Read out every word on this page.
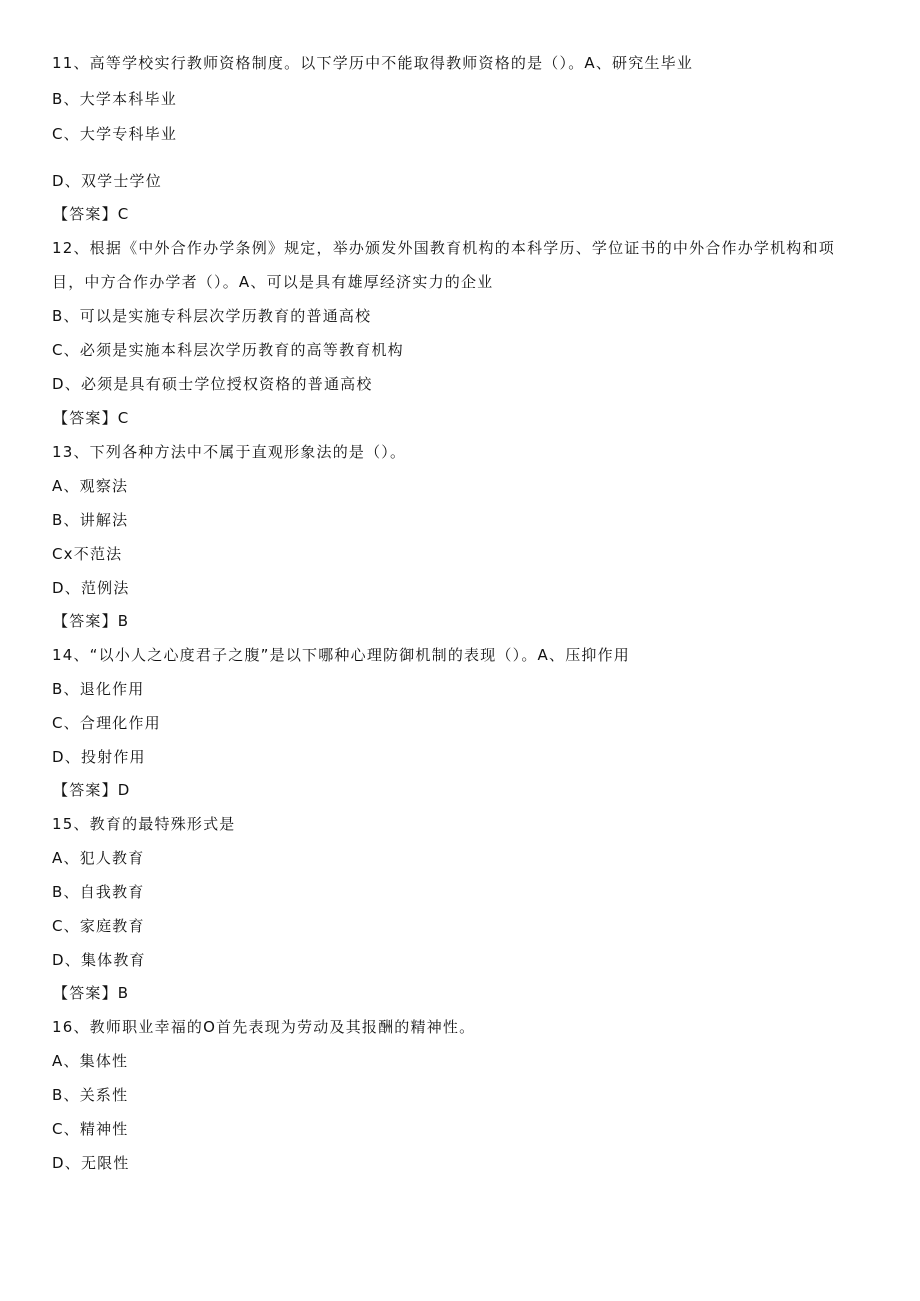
11、高等学校实行教师资格制度。以下学历中不能取得教师资格的是（）。A、研究生毕业
B、大学本科毕业
C、大学专科毕业
D、双学士学位
【答案】C
12、根据《中外合作办学条例》规定，举办颁发外国教育机构的本科学历、学位证书的中外合作办学机构和项目，中方合作办学者（）。A、可以是具有雄厚经济实力的企业
B、可以是实施专科层次学历教育的普通高校
C、必须是实施本科层次学历教育的高等教育机构
D、必须是具有硕士学位授权资格的普通高校
【答案】C
13、下列各种方法中不属于直观形象法的是（）。
A、观察法
B、讲解法
Cx不范法
D、范例法
【答案】B
14、“以小人之心度君子之腹”是以下哪种心理防御机制的表现（）。A、压抑作用
B、退化作用
C、合理化作用
D、投射作用
【答案】D
15、教育的最特殊形式是
A、犯人教育
B、自我教育
C、家庭教育
D、集体教育
【答案】B
16、教师职业幸福的O首先表现为劳动及其报酬的精神性。
A、集体性
B、关系性
C、精神性
D、无限性
